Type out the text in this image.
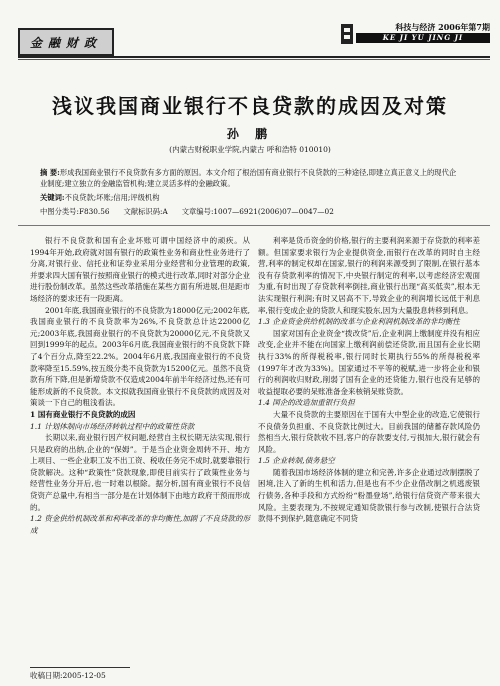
金融财政
科技与经济 2006年第7期
KE JI YU JING JI
浅议我国商业银行不良贷款的成因及对策
孙 鹏
(内蒙古财税职业学院,内蒙古 呼和浩特 010010)
摘 要:形成我国商业银行不良贷款有多方面的原因。本文介绍了根治国有商业银行不良贷款的三种途径,即建立真正意义上的现代企业制度;建立独立的金融监管机构;建立灵活多样的金融政策。
关键词:不良贷款;坏账;信用;评级机构
中图分类号:F830.56 文献标识码:A 文章编号:1007—6921(2006)07—0047—02

银行不良贷款和国有企业坏账可谓中国经济中的顽疾。从1994年开始,政府就对国有银行的政策性业务和商业性业务进行了分离,对银行业、信托业和证券业采用分业经营和分业管理的政策,并要求四大国有银行按照商业银行的模式进行改革,同时对部分企业进行股份制改革。虽然这些改革措施在某些方面有所进展,但是距市场经济的要求还有一段距离。

2001年底,我国商业银行的不良贷款为18000亿元;2002年底,我国商业银行的不良贷款率为26%,不良贷款总计达22000亿元;2003年底,我国商业银行的不良贷款为20000亿元,不良贷款又回到1999年的起点。2003年6月底,我国商业银行的不良贷款下降了4个百分点,降至22.2%。2004年6月底,我国商业银行的不良贷款率降至15.59%,按五级分类不良贷款为15200亿元。虽然不良贷款有所下降,但是新增贷款不仅造成2004年前半年经济过热,还有可能形成新的不良贷款。本文拟就我国商业银行不良贷款的成因及对策谈一下自己的粗浅看法。

1 国有商业银行不良贷款的成因

1.1 计划体制向市场经济转轨过程中的政策性贷款

长期以来,商业银行因产权问题,经营自主权长期无法实现,银行只是政府的出纳,企业的“保姆”。于是当企业资金周转不开、地方上项目、一些企业职工发不出工资、税收任务完不成时,就要靠银行贷款解决。这种“政策性”贷款现象,即使目前实行了政策性业务与经营性业务分开后,也一时难以根除。据分析,国有商业银行不良信贷资产总量中,有相当一部分是在计划体制下由地方政府干预而形成的。

1.2 资金供给机制改革和利率改革的非均衡性,加剧了不良贷款的形成

利率是货币资金的价格,银行的主要利润来源于存贷款的利率差额。但国家要求银行为企业提供资金,而银行在改革的同时自主经营,利率的制定权却在国家,银行的利润来源受到了限制,在银行基本没有存贷款利率的情况下,中央银行制定的利率,以考虑经济宏观面为重,有时出现了存贷款利率倒挂,商业银行出现“高买低卖”,根本无法实现银行利润;有时又居高不下,导致企业的利润增长远低于利息率,银行变成企业的贷款人和现实股东,因为大量股息转移到利息。

1.3 企业资金供给机制的改革与企业利润机制改革的非均衡性

国家对国有企业资金“拨改贷”后,企业利润上缴制度并没有相应改变,企业并不能在向国家上缴利润前偿还贷款,而且国有企业长期执行33%的所得税税率,银行同时长期执行55%的所得税税率(1997年才改为33%)。国家通过不平等的税赋,进一步将企业和银行的利润收归财政,削弱了国有企业的还贷能力,银行也没有足够的收益提取必要的呆账准备金来核销呆账贷款。

1.4 国企的改造加重银行负担

大量不良贷款的主要原因在于国有大中型企业的改造,它使银行不良债务负担重、不良贷款比例过大。目前我国的储蓄存款风险仍然相当大,银行贷款收不回,客户的存款要支付,亏损加大,银行就会有风险。

1.5 企业转制,债务悬空

随着我国市场经济体制的建立和完善,许多企业通过改制摆脱了困境,注入了新的生机和活力,但是也有不少企业借改制之机逃废银行债务,各种手段和方式纷纷“粉墨登场”,给银行信贷资产带来很大风险。主要表现为,不按规定通知贷款银行参与改制,使银行合法贷款得不到保护,随意确定不同贷

收稿日期:2005-12-05
